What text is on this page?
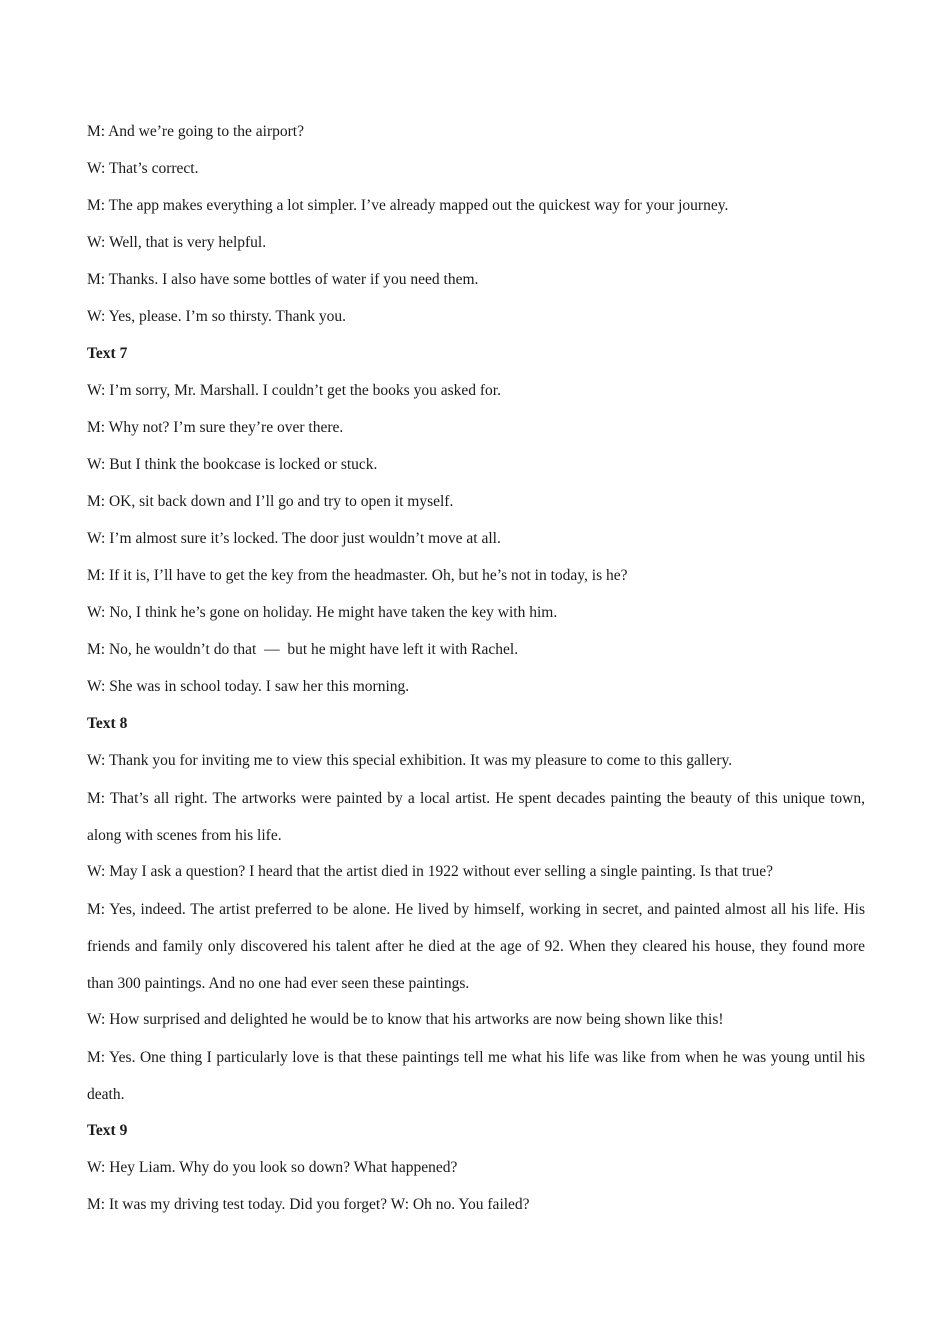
M: And we’re going to the airport?
W: That’s correct.
M: The app makes everything a lot simpler. I’ve already mapped out the quickest way for your journey.
W: Well, that is very helpful.
M: Thanks. I also have some bottles of water if you need them.
W: Yes, please. I’m so thirsty. Thank you.
Text 7
W: I’m sorry, Mr. Marshall. I couldn’t get the books you asked for.
M: Why not? I’m sure they’re over there.
W: But I think the bookcase is locked or stuck.
M: OK, sit back down and I’ll go and try to open it myself.
W: I’m almost sure it’s locked. The door just wouldn’t move at all.
M: If it is, I’ll have to get the key from the headmaster. Oh, but he’s not in today, is he?
W: No, I think he’s gone on holiday. He might have taken the key with him.
M: No, he wouldn’t do that  —  but he might have left it with Rachel.
W: She was in school today. I saw her this morning.
Text 8
W: Thank you for inviting me to view this special exhibition. It was my pleasure to come to this gallery.
M: That’s all right. The artworks were painted by a local artist. He spent decades painting the beauty of this unique town, along with scenes from his life.
W: May I ask a question? I heard that the artist died in 1922 without ever selling a single painting. Is that true?
M: Yes, indeed. The artist preferred to be alone. He lived by himself, working in secret, and painted almost all his life. His friends and family only discovered his talent after he died at the age of 92. When they cleared his house, they found more than 300 paintings. And no one had ever seen these paintings.
W: How surprised and delighted he would be to know that his artworks are now being shown like this!
M: Yes. One thing I particularly love is that these paintings tell me what his life was like from when he was young until his death.
Text 9
W: Hey Liam. Why do you look so down? What happened?
M: It was my driving test today. Did you forget? W: Oh no. You failed?
